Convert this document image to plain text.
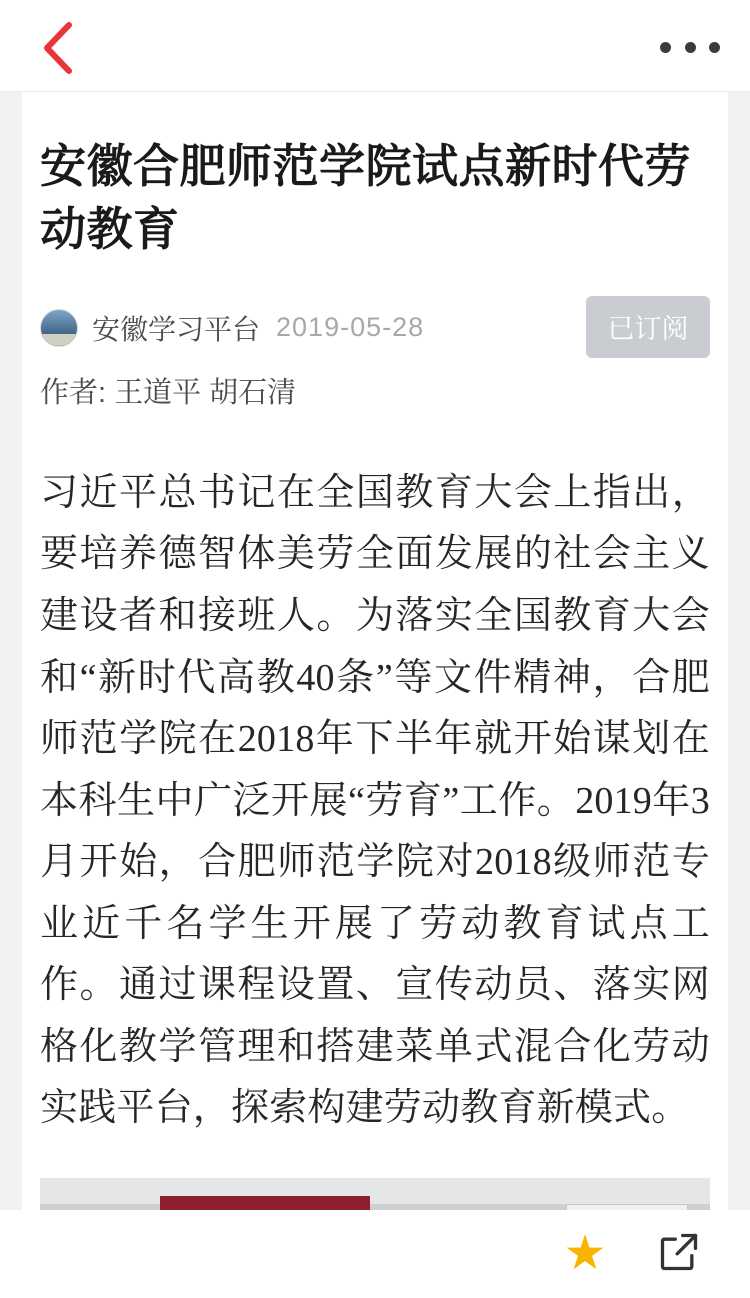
安徽合肥师范学院试点新时代劳动教育
安徽学习平台 2019-05-28	已订阅
作者: 王道平 胡石清

习近平总书记在全国教育大会上指出，要培养德智体美劳全面发展的社会主义建设者和接班人。为落实全国教育大会和“新时代高教40条”等文件精神，合肥师范学院在2018年下半年就开始谋划在本科生中广泛开展“劳育”工作。2019年3月开始，合肥师范学院对2018级师范专业近千名学生开展了劳动教育试点工作。通过课程设置、宣传动员、落实网格化教学管理和搭建菜单式混合化劳动实践平台，探索构建劳动教育新模式。

★
